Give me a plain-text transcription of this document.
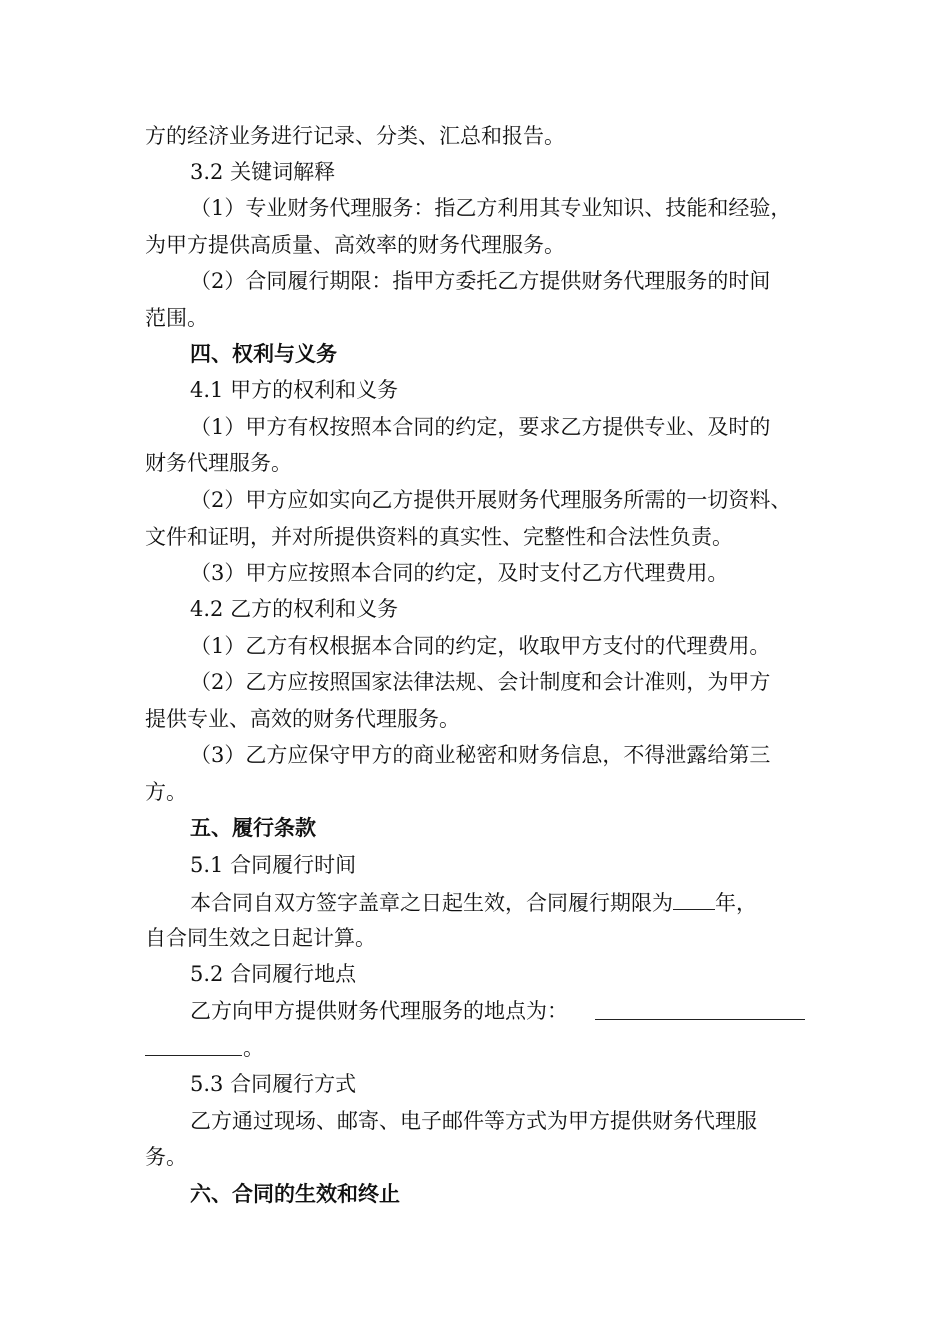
方的经济业务进行记录、分类、汇总和报告。
3.2 关键词解释
（1）专业财务代理服务：指乙方利用其专业知识、技能和经验，
为甲方提供高质量、高效率的财务代理服务。
（2）合同履行期限：指甲方委托乙方提供财务代理服务的时间
范围。
四、权利与义务
4.1 甲方的权利和义务
（1）甲方有权按照本合同的约定，要求乙方提供专业、及时的
财务代理服务。
（2）甲方应如实向乙方提供开展财务代理服务所需的一切资料、
文件和证明，并对所提供资料的真实性、完整性和合法性负责。
（3）甲方应按照本合同的约定，及时支付乙方代理费用。
4.2 乙方的权利和义务
（1）乙方有权根据本合同的约定，收取甲方支付的代理费用。
（2）乙方应按照国家法律法规、会计制度和会计准则，为甲方
提供专业、高效的财务代理服务。
（3）乙方应保守甲方的商业秘密和财务信息，不得泄露给第三
方。
五、履行条款
5.1 合同履行时间
本合同自双方签字盖章之日起生效，合同履行期限为 年，
自合同生效之日起计算。
5.2 合同履行地点
乙方向甲方提供财务代理服务的地点为：
。
5.3 合同履行方式
乙方通过现场、邮寄、电子邮件等方式为甲方提供财务代理服
务。
六、合同的生效和终止
